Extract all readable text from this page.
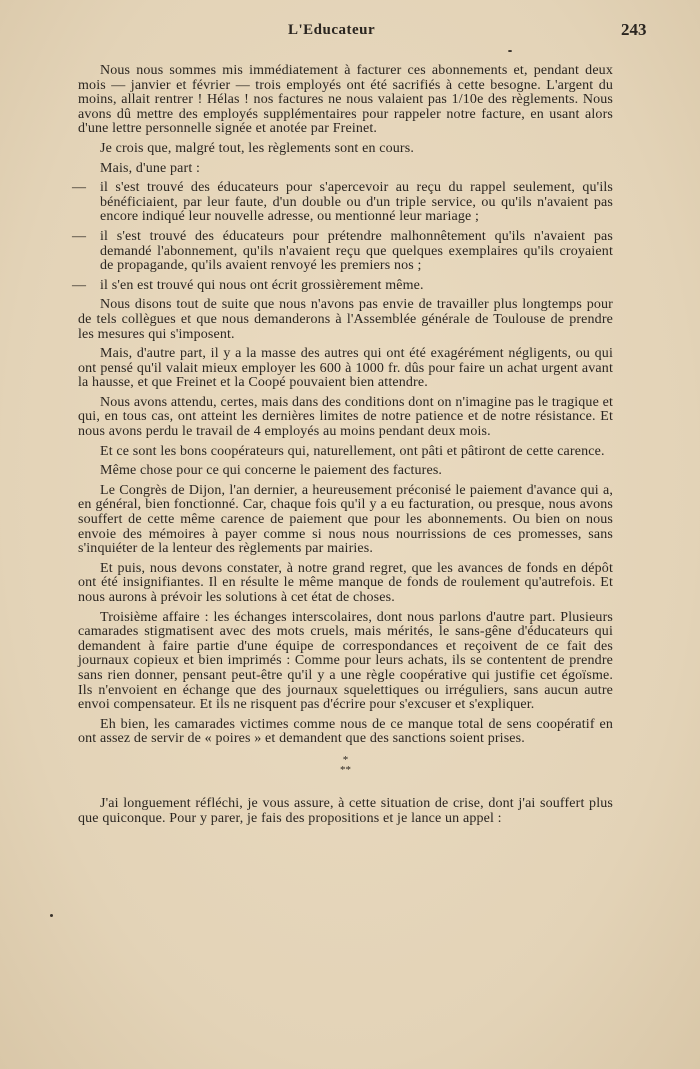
L'Educateur	243

Nous nous sommes mis immédiatement à facturer ces abonnements et, pendant deux mois — janvier et février — trois employés ont été sacrifiés à cette besogne. L'argent du moins, allait rentrer ! Hélas ! nos factures ne nous valaient pas 1/10e des règlements. Nous avons dû mettre des employés supplémentaires pour rappeler notre facture, en usant alors d'une lettre personnelle signée et anotée par Freinet.

Je crois que, malgré tout, les règlements sont en cours.

Mais, d'une part :

— il s'est trouvé des éducateurs pour s'apercevoir au reçu du rappel seulement, qu'ils bénéficiaient, par leur faute, d'un double ou d'un triple service, ou qu'ils n'avaient pas encore indiqué leur nouvelle adresse, ou mentionné leur mariage ;

— il s'est trouvé des éducateurs pour prétendre malhonnêtement qu'ils n'avaient pas demandé l'abonnement, qu'ils n'avaient reçu que quelques exemplaires qu'ils croyaient de propagande, qu'ils avaient renvoyé les premiers nos ;

— il s'en est trouvé qui nous ont écrit grossièrement même.

Nous disons tout de suite que nous n'avons pas envie de travailler plus longtemps pour de tels collègues et que nous demanderons à l'Assemblée générale de Toulouse de prendre les mesures qui s'imposent.

Mais, d'autre part, il y a la masse des autres qui ont été exagérément négligents, ou qui ont pensé qu'il valait mieux employer les 600 à 1000 fr. dûs pour faire un achat urgent avant la hausse, et que Freinet et la Coopé pouvaient bien attendre.

Nous avons attendu, certes, mais dans des conditions dont on n'imagine pas le tragique et qui, en tous cas, ont atteint les dernières limites de notre patience et de notre résistance. Et nous avons perdu le travail de 4 employés au moins pendant deux mois.

Et ce sont les bons coopérateurs qui, naturellement, ont pâti et pâtiront de cette carence.

Même chose pour ce qui concerne le paiement des factures.

Le Congrès de Dijon, l'an dernier, a heureusement préconisé le paiement d'avance qui a, en général, bien fonctionné. Car, chaque fois qu'il y a eu facturation, ou presque, nous avons souffert de cette même carence de paiement que pour les abonnements. Ou bien on nous envoie des mémoires à payer comme si nous nous nourrissions de ces promesses, sans s'inquiéter de la lenteur des règlements par mairies.

Et puis, nous devons constater, à notre grand regret, que les avances de fonds en dépôt ont été insignifiantes. Il en résulte le même manque de fonds de roulement qu'autrefois. Et nous aurons à prévoir les solutions à cet état de choses.

Troisième affaire : les échanges interscolaires, dont nous parlons d'autre part. Plusieurs camarades stigmatisent avec des mots cruels, mais mérités, le sans-gêne d'éducateurs qui demandent à faire partie d'une équipe de correspondances et reçoivent de ce fait des journaux copieux et bien imprimés : Comme pour leurs achats, ils se contentent de prendre sans rien donner, pensant peut-être qu'il y a une règle coopérative qui justifie cet égoïsme. Ils n'envoient en échange que des journaux squelettiques ou irréguliers, sans aucun autre envoi compensateur. Et ils ne risquent pas d'écrire pour s'excuser et s'expliquer.

Eh bien, les camarades victimes comme nous de ce manque total de sens coopératif en ont assez de servir de « poires » et demandent que des sanctions soient prises.

*
**

J'ai longuement réfléchi, je vous assure, à cette situation de crise, dont j'ai souffert plus que quiconque. Pour y parer, je fais des propositions et je lance un appel :
